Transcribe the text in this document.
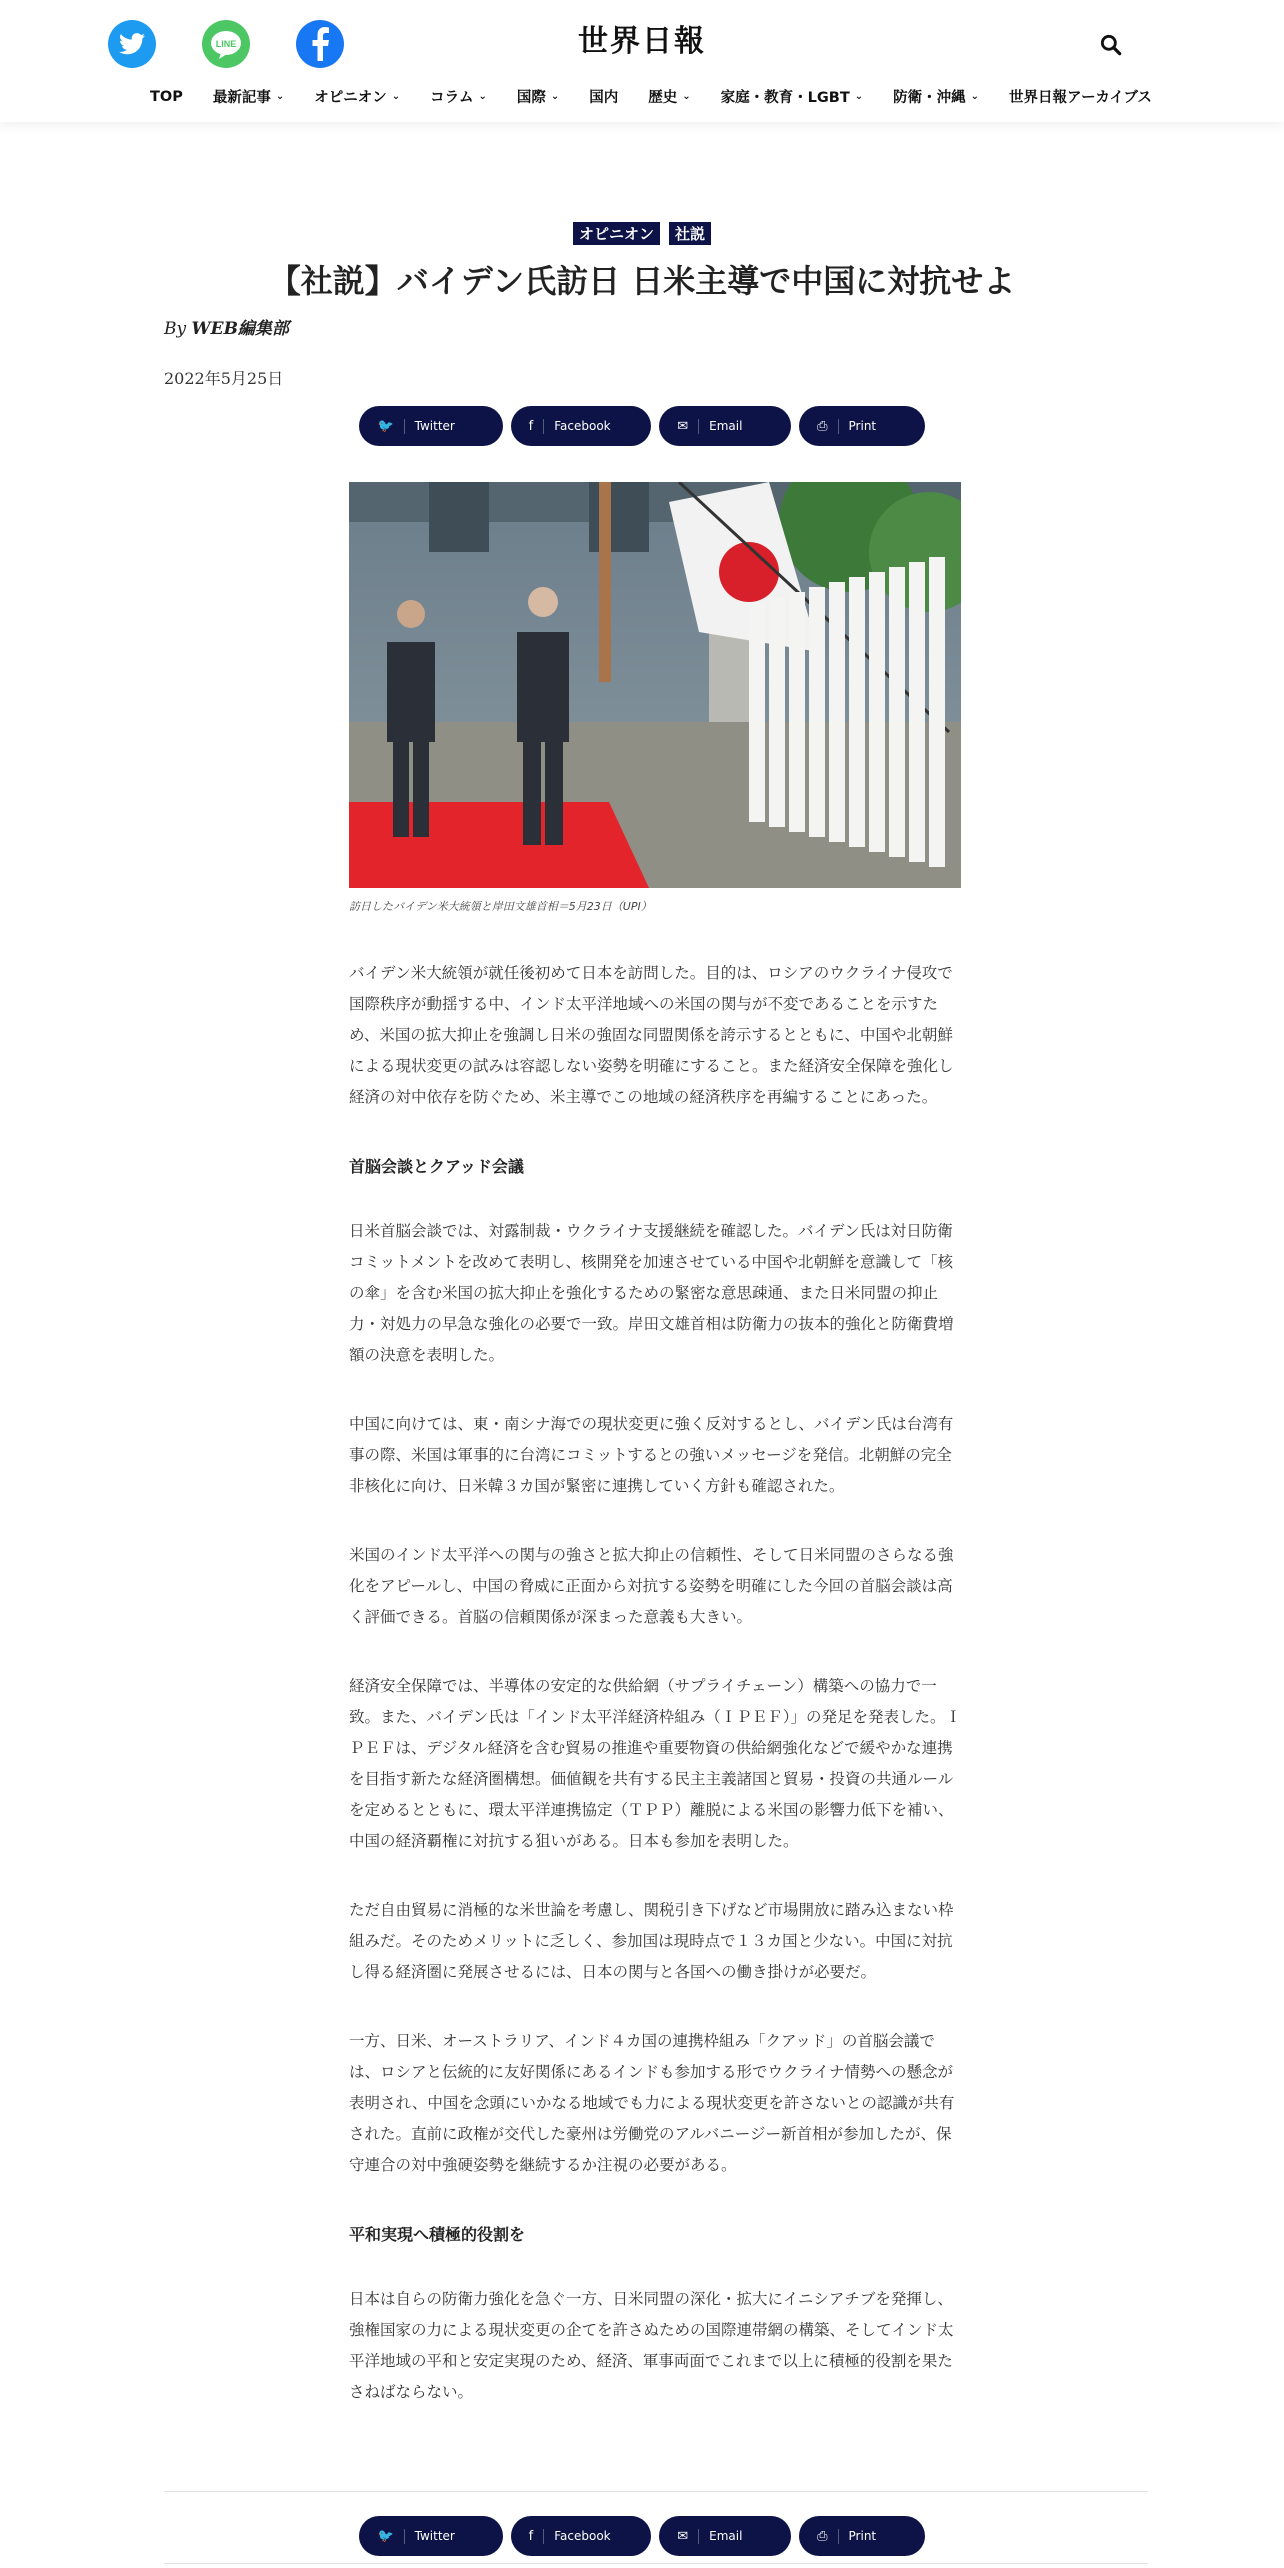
LINE	世界日報
TOP 最新記事 ⌄ オピニオン ⌄ コラム ⌄ 国際 ⌄ 国内 歴史 ⌄ 家庭・教育・LGBT ⌄ 防衛・沖縄 ⌄ 世界日報アーカイブス
オピニオン 社説
【社説】バイデン氏訪日 日米主導で中国に対抗せよ
By WEB編集部
2022年5月25日
🐦	Twitter	f	Facebook	✉	Email	⎙	Print
訪日したバイデン米大統領と岸田文雄首相＝5月23日（UPI）

バイデン米大統領が就任後初めて日本を訪問した。目的は、ロシアのウクライナ侵攻で国際秩序が動揺する中、インド太平洋地域への米国の関与が不変であることを示すため、米国の拡大抑止を強調し日米の強固な同盟関係を誇示するとともに、中国や北朝鮮による現状変更の試みは容認しない姿勢を明確にすること。また経済安全保障を強化し経済の対中依存を防ぐため、米主導でこの地域の経済秩序を再編することにあった。

首脳会談とクアッド会議

日米首脳会談では、対露制裁・ウクライナ支援継続を確認した。バイデン氏は対日防衛コミットメントを改めて表明し、核開発を加速させている中国や北朝鮮を意識して「核の傘」を含む米国の拡大抑止を強化するための緊密な意思疎通、また日米同盟の抑止力・対処力の早急な強化の必要で一致。岸田文雄首相は防衛力の抜本的強化と防衛費増額の決意を表明した。

中国に向けては、東・南シナ海での現状変更に強く反対するとし、バイデン氏は台湾有事の際、米国は軍事的に台湾にコミットするとの強いメッセージを発信。北朝鮮の完全非核化に向け、日米韓３カ国が緊密に連携していく方針も確認された。

米国のインド太平洋への関与の強さと拡大抑止の信頼性、そして日米同盟のさらなる強化をアピールし、中国の脅威に正面から対抗する姿勢を明確にした今回の首脳会談は高く評価できる。首脳の信頼関係が深まった意義も大きい。

経済安全保障では、半導体の安定的な供給網（サプライチェーン）構築への協力で一致。また、バイデン氏は「インド太平洋経済枠組み（ＩＰＥＦ）」の発足を発表した。ＩＰＥＦは、デジタル経済を含む貿易の推進や重要物資の供給網強化などで緩やかな連携を目指す新たな経済圏構想。価値観を共有する民主主義諸国と貿易・投資の共通ルールを定めるとともに、環太平洋連携協定（ＴＰＰ）離脱による米国の影響力低下を補い、中国の経済覇権に対抗する狙いがある。日本も参加を表明した。

ただ自由貿易に消極的な米世論を考慮し、関税引き下げなど市場開放に踏み込まない枠組みだ。そのためメリットに乏しく、参加国は現時点で１３カ国と少ない。中国に対抗し得る経済圏に発展させるには、日本の関与と各国への働き掛けが必要だ。

一方、日米、オーストラリア、インド４カ国の連携枠組み「クアッド」の首脳会議では、ロシアと伝統的に友好関係にあるインドも参加する形でウクライナ情勢への懸念が表明され、中国を念頭にいかなる地域でも力による現状変更を許さないとの認識が共有された。直前に政権が交代した豪州は労働党のアルバニージー新首相が参加したが、保守連合の対中強硬姿勢を継続するか注視の必要がある。

平和実現へ積極的役割を

日本は自らの防衛力強化を急ぐ一方、日米同盟の深化・拡大にイニシアチブを発揮し、強権国家の力による現状変更の企てを許さぬための国際連帯網の構築、そしてインド太平洋地域の平和と安定実現のため、経済、軍事両面でこれまで以上に積極的役割を果たさねばならない。

🐦	Twitter	f	Facebook	✉	Email	⎙	Print
